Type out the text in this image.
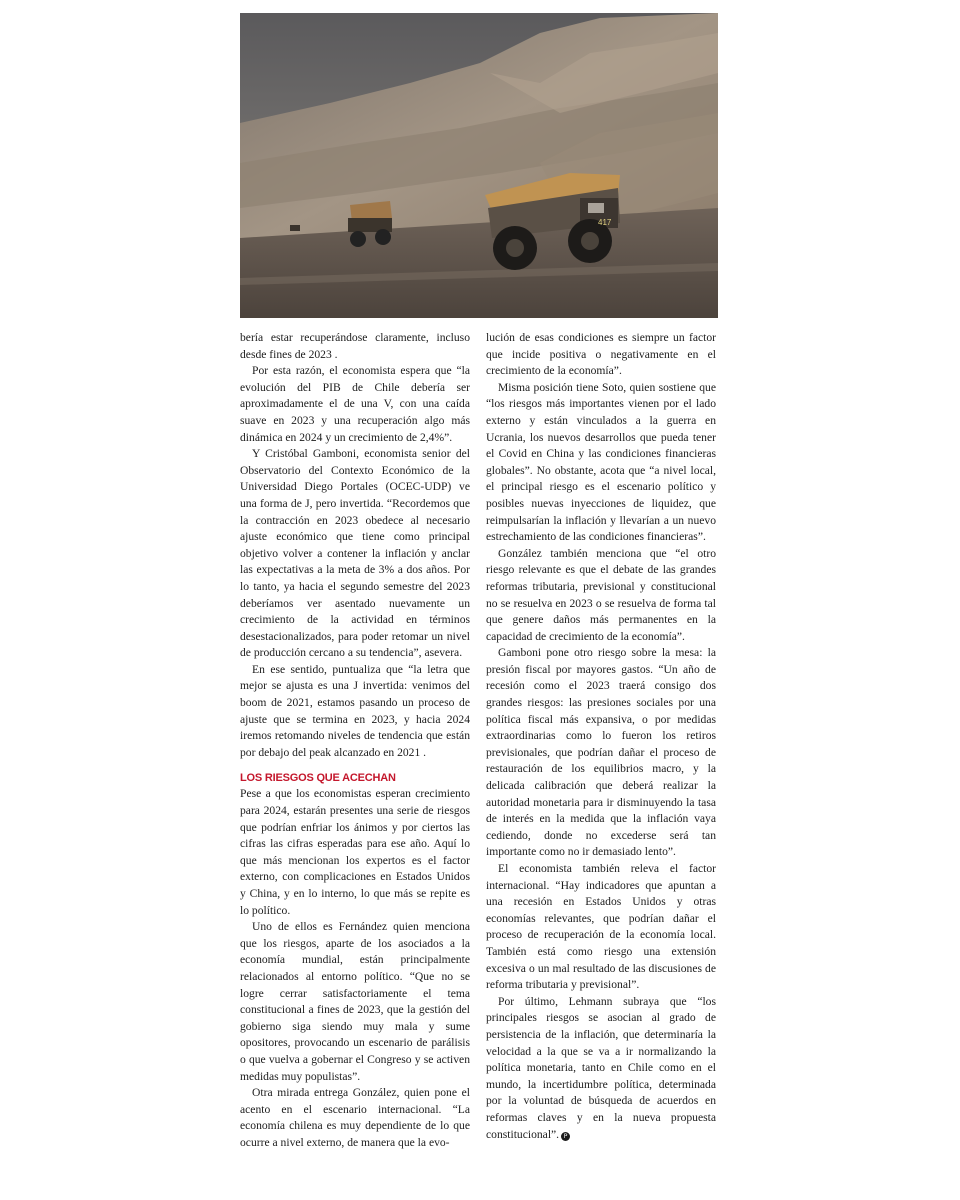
417

bería estar recuperándose claramente, incluso desde fines de 2023 .

Por esta razón, el economista espera que “la evolución del PIB de Chile debería ser aproximadamente el de una V, con una caída suave en 2023 y una recuperación algo más dinámica en 2024 y un crecimiento de 2,4%”.

Y Cristóbal Gamboni, economista senior del Observatorio del Contexto Económico de la Universidad Diego Portales (OCEC-UDP) ve una forma de J, pero invertida. “Recordemos que la contracción en 2023 obedece al necesario ajuste económico que tiene como principal objetivo volver a contener la inflación y anclar las expectativas a la meta de 3% a dos años. Por lo tanto, ya hacia el segundo semestre del 2023 deberíamos ver asentado nuevamente un crecimiento de la actividad en términos desestacionalizados, para poder retomar un nivel de producción cercano a su tendencia”, asevera.

En ese sentido, puntualiza que “la letra que mejor se ajusta es una J invertida: venimos del boom de 2021, estamos pasando un proceso de ajuste que se termina en 2023, y hacia 2024 iremos retomando niveles de tendencia que están por debajo del peak alcanzado en 2021 .

LOS RIESGOS QUE ACECHAN

Pese a que los economistas esperan crecimiento para 2024, estarán presentes una serie de riesgos que podrían enfriar los ánimos y por ciertos las cifras las cifras esperadas para ese año. Aquí lo que más mencionan los expertos es el factor externo, con complicaciones en Estados Unidos y China, y en lo interno, lo que más se repite es lo político.

Uno de ellos es Fernández quien menciona que los riesgos, aparte de los asociados a la economía mundial, están principalmente relacionados al entorno político. “Que no se logre cerrar satisfactoriamente el tema constitucional a fines de 2023, que la gestión del gobierno siga siendo muy mala y sume opositores, provocando un escenario de parálisis o que vuelva a gobernar el Congreso y se activen medidas muy populistas”.

Otra mirada entrega González, quien pone el acento en el escenario internacional. “La economía chilena es muy dependiente de lo que ocurre a nivel externo, de manera que la evo-

lución de esas condiciones es siempre un factor que incide positiva o negativamente en el crecimiento de la economía”.

Misma posición tiene Soto, quien sostiene que “los riesgos más importantes vienen por el lado externo y están vinculados a la guerra en Ucrania, los nuevos desarrollos que pueda tener el Covid en China y las condiciones financieras globales”. No obstante, acota que “a nivel local, el principal riesgo es el escenario político y posibles nuevas inyecciones de liquidez, que reimpulsarían la inflación y llevarían a un nuevo estrechamiento de las condiciones financieras”.

González también menciona que “el otro riesgo relevante es que el debate de las grandes reformas tributaria, previsional y constitucional no se resuelva en 2023 o se resuelva de forma tal que genere daños más permanentes en la capacidad de crecimiento de la economía”.

Gamboni pone otro riesgo sobre la mesa: la presión fiscal por mayores gastos. “Un año de recesión como el 2023 traerá consigo dos grandes riesgos: las presiones sociales por una política fiscal más expansiva, o por medidas extraordinarias como lo fueron los retiros previsionales, que podrían dañar el proceso de restauración de los equilibrios macro, y la delicada calibración que deberá realizar la autoridad monetaria para ir disminuyendo la tasa de interés en la medida que la inflación vaya cediendo, donde no excederse será tan importante como no ir demasiado lento”.

El economista también releva el factor internacional. “Hay indicadores que apuntan a una recesión en Estados Unidos y otras economías relevantes, que podrían dañar el proceso de recuperación de la economía local. También está como riesgo una extensión excesiva o un mal resultado de las discusiones de reforma tributaria y previsional”.

Por último, Lehmann subraya que “los principales riesgos se asocian al grado de persistencia de la inflación, que determinaría la velocidad a la que se va a ir normalizando la política monetaria, tanto en Chile como en el mundo, la incertidumbre política, determinada por la voluntad de búsqueda de acuerdos en reformas claves y en la nueva propuesta constitucional”. P
